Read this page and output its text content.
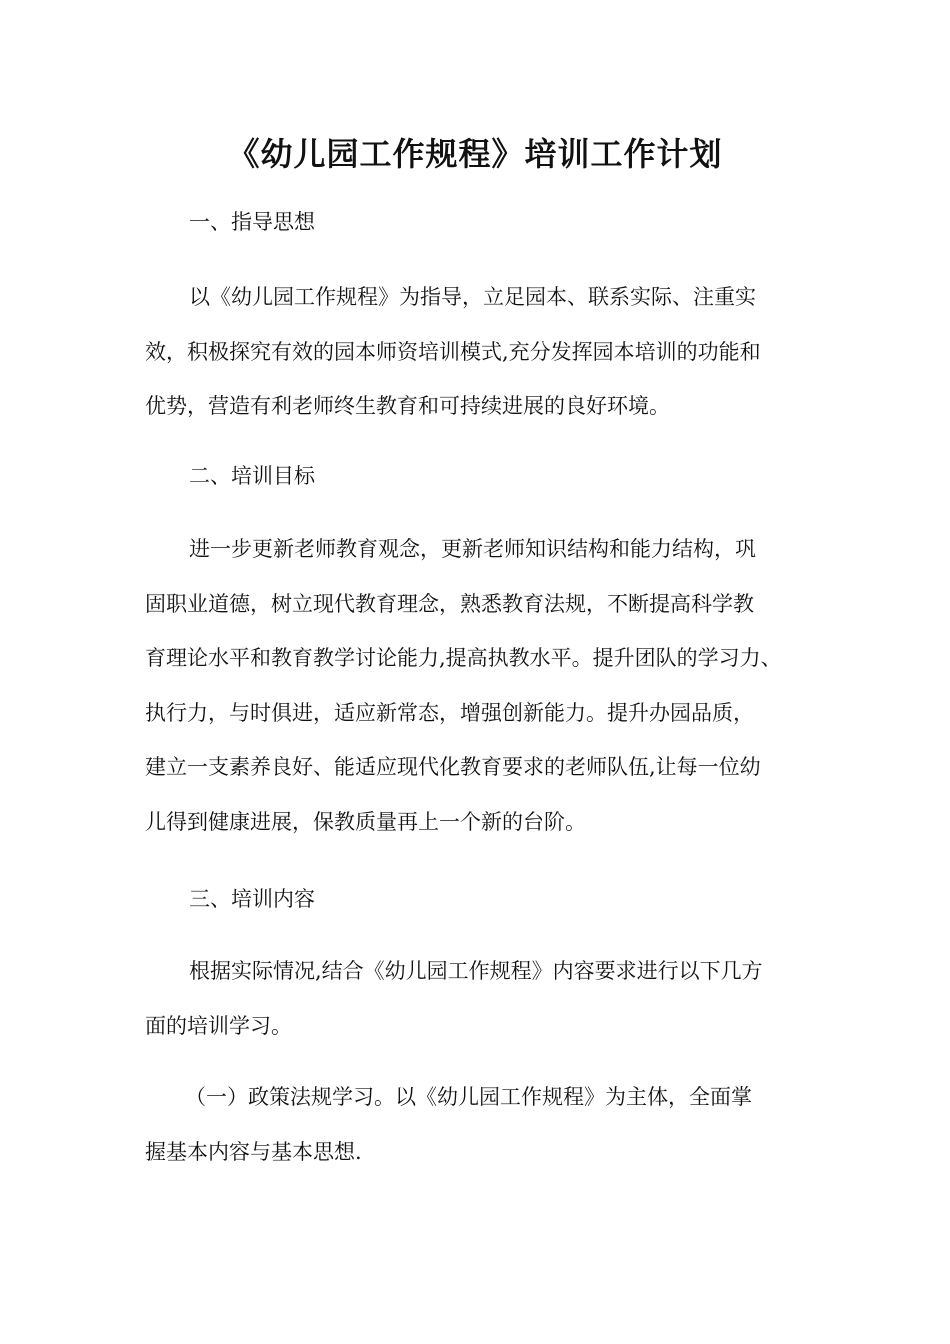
《幼儿园工作规程》培训工作计划
一、指导思想
以《幼儿园工作规程》为指导，立足园本、联系实际、注重实
效，积极探究有效的园本师资培训模式,充分发挥园本培训的功能和
优势，营造有利老师终生教育和可持续进展的良好环境。
二、培训目标
进一步更新老师教育观念，更新老师知识结构和能力结构，巩
固职业道德，树立现代教育理念，熟悉教育法规，不断提高科学教
育理论水平和教育教学讨论能力,提高执教水平。提升团队的学习力、
执行力，与时俱进，适应新常态，增强创新能力。提升办园品质，
建立一支素养良好、能适应现代化教育要求的老师队伍,让每一位幼
儿得到健康进展，保教质量再上一个新的台阶。
三、培训内容
根据实际情况,结合《幼儿园工作规程》内容要求进行以下几方
面的培训学习。
（一）政策法规学习。以《幼儿园工作规程》为主体，全面掌
握基本内容与基本思想.
